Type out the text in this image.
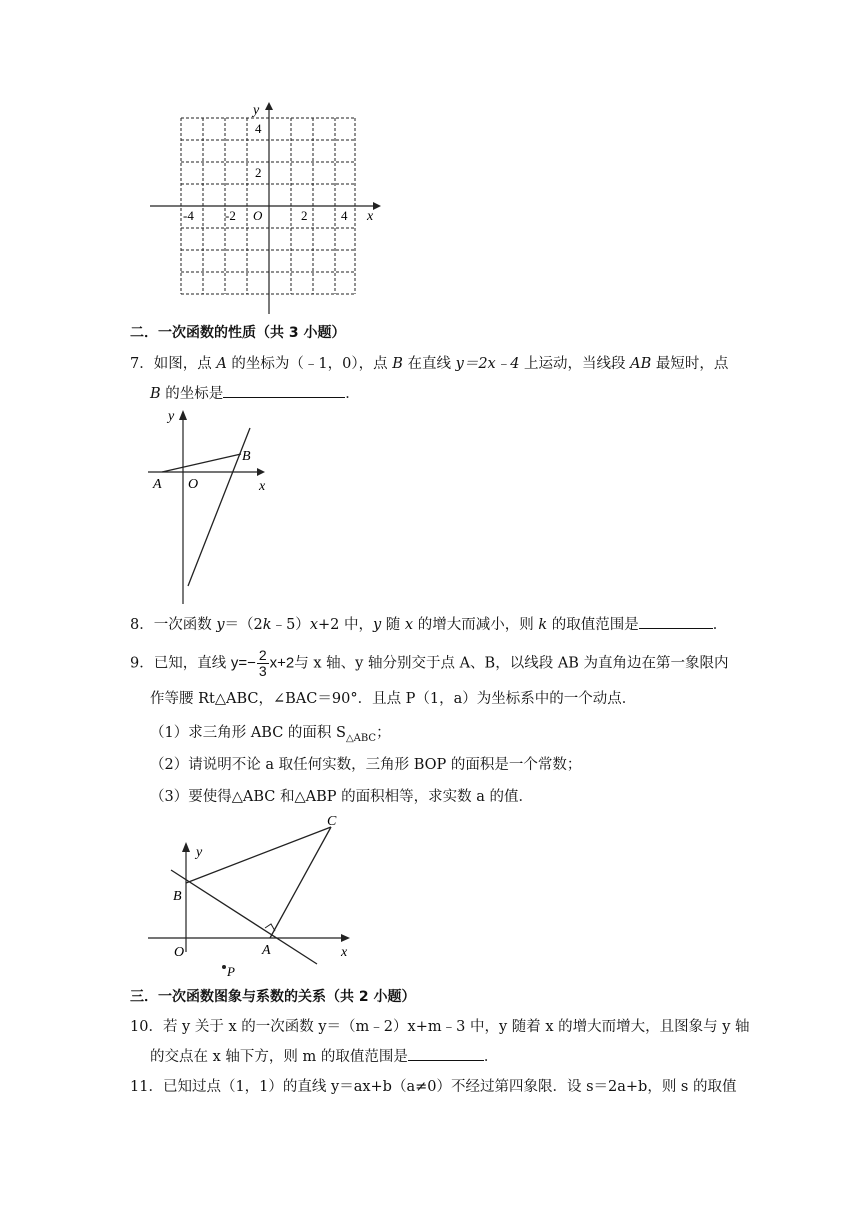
y
x
4
2
-4 -2 O	2	4
二．一次函数的性质（共 3 小题）
7．如图，点 A 的坐标为（﹣1，0），点 B 在直线 y＝2x﹣4 上运动，当线段 AB 最短时，点
B 的坐标是	．
y
B
A O	x
8．一次函数 y＝（2k﹣5）x+2 中，y 随 x 的增大而减小，则 k 的取值范围是	．
9．已知，直线 $y=- \frac{2}{3} x+2$与 x 轴、y 轴分别交于点 A、B，以线段 AB 为直角边在第一象限内
作等腰 Rt△ABC，∠BAC＝90°．且点 P（1，a）为坐标系中的一个动点．
（1）求三角形 ABC 的面积 $S_{\triangle ABC}$；
（2）请说明不论 a 取任何实数，三角形 BOP 的面积是一个常数；
（3）要使得△ABC 和△ABP 的面积相等，求实数 a 的值．
C
y
B
O	A	x
P
三．一次函数图象与系数的关系（共 2 小题）
10．若 y 关于 x 的一次函数 y＝（m﹣2）x+m﹣3 中，y 随着 x 的增大而增大，且图象与 y 轴
的交点在 x 轴下方，则 m 的取值范围是	．
11．已知过点（1，1）的直线 y＝ax+b（a≠0）不经过第四象限．设 s＝2a+b，则 s 的取值
